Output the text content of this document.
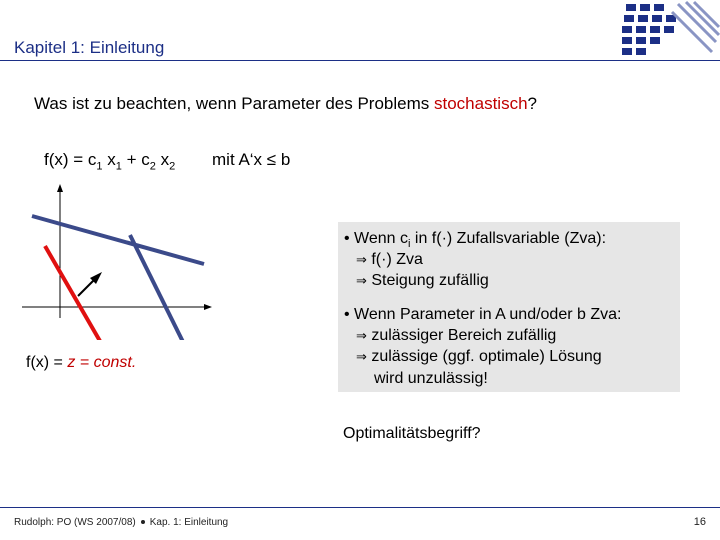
Kapitel 1: Einleitung
Was ist zu beachten, wenn Parameter des Problems stochastisch?
$f(x) = c_1$ $x_1 + c_2$ $x_2$ mit A‘x ≤ b
f(x) = z = const.
• Wenn $c_i$ in f(·) Zufallsvariable (Zva):
⇒ f(·) Zva
⇒ Steigung zufällig
• Wenn Parameter in A und/oder b Zva:
⇒ zulässiger Bereich zufällig
⇒ zulässige (ggf. optimale) Lösung
wird unzulässig!
Optimalitätsbegriff?
Rudolph: PO (WS 2007/08) Kap. 1: Einleitung	16
